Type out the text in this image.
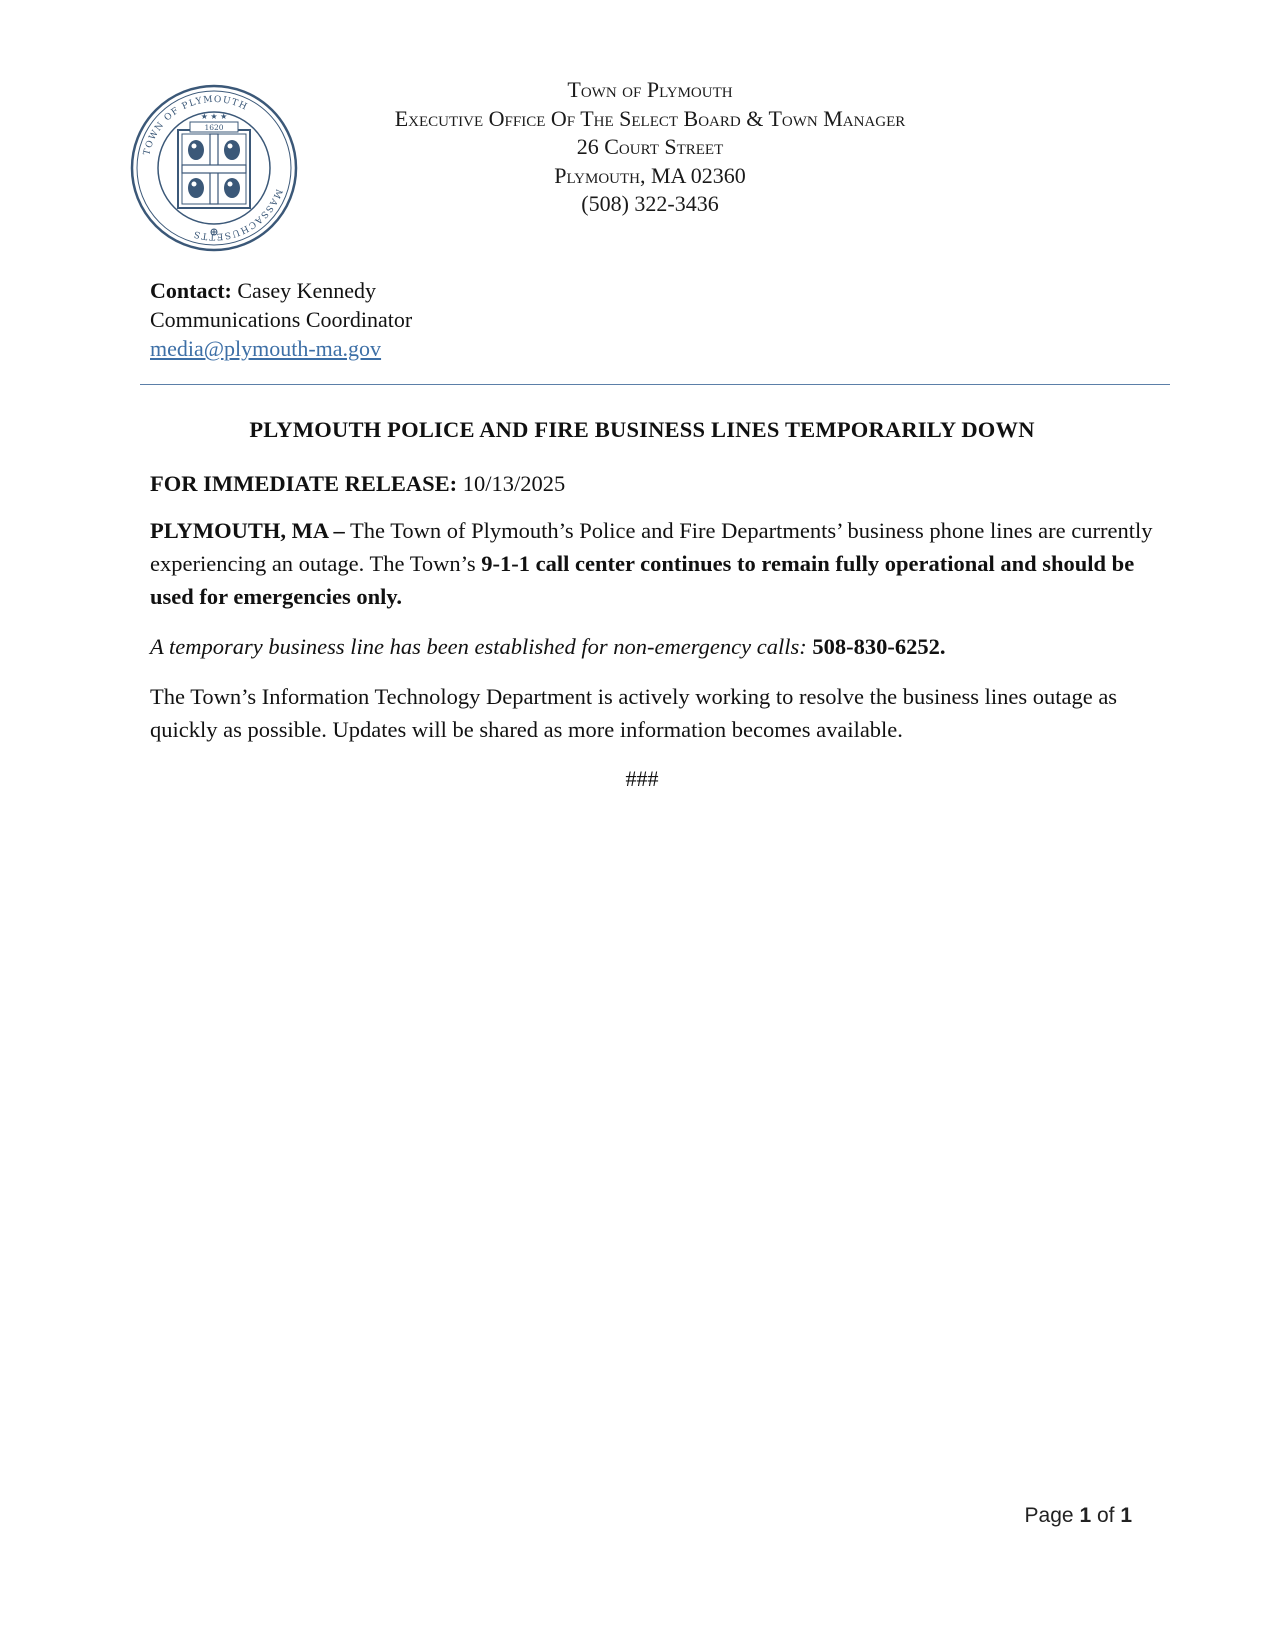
TOWN OF PLYMOUTH
MASSACHUSETTS
★ ★ ★
1620
Town of Plymouth
Executive Office Of The Select Board & Town Manager
26 Court Street
Plymouth, MA 02360
(508) 322-3436
Contact: Casey Kennedy
Communications Coordinator
media@plymouth-ma.gov
PLYMOUTH POLICE AND FIRE BUSINESS LINES TEMPORARILY DOWN
FOR IMMEDIATE RELEASE: 10/13/2025
PLYMOUTH, MA – The Town of Plymouth’s Police and Fire Departments’ business phone lines are currently experiencing an outage. The Town’s 9-1-1 call center continues to remain fully operational and should be used for emergencies only.
A temporary business line has been established for non-emergency calls: 508-830-6252.
The Town’s Information Technology Department is actively working to resolve the business lines outage as quickly as possible. Updates will be shared as more information becomes available.
###
Page 1 of 1
